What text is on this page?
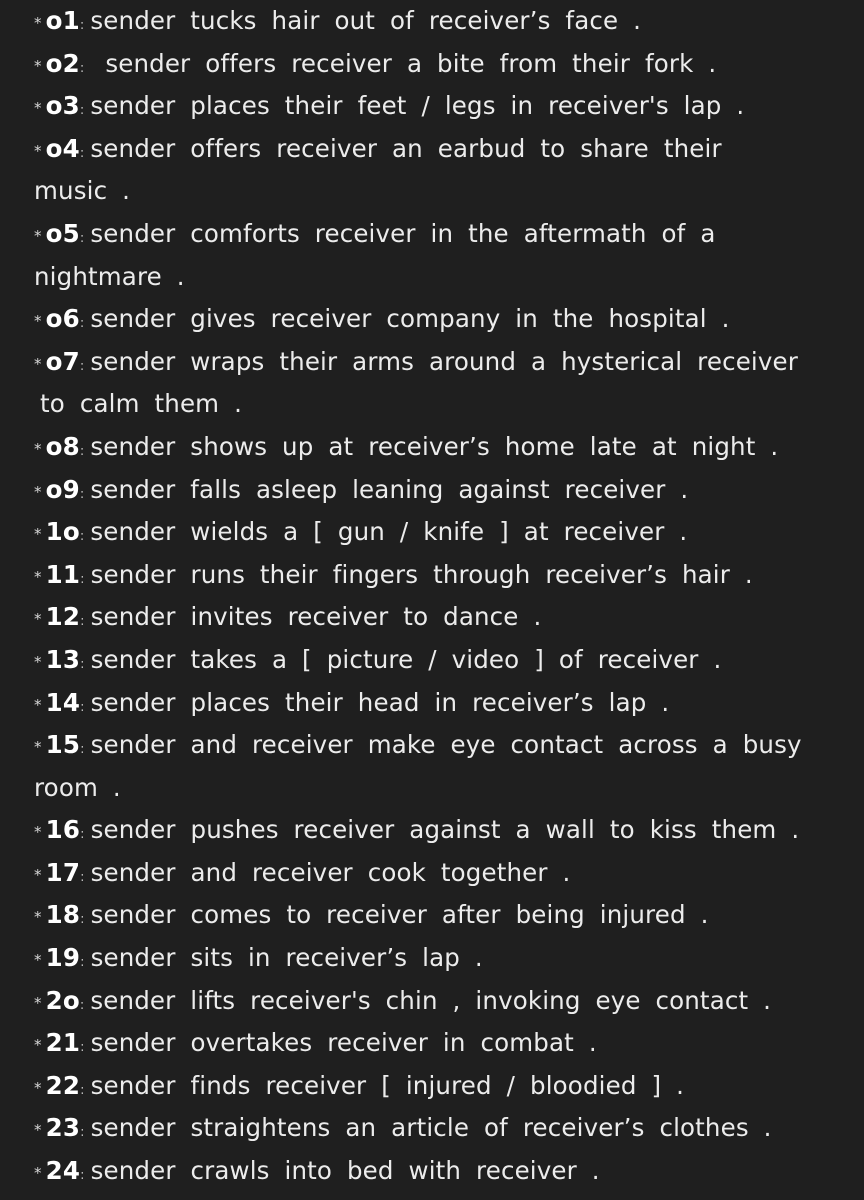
* o1: sender tucks hair out of receiver’s face .
* o2: sender offers receiver a bite from their fork .
* o3: sender places their feet / legs in receiver's lap .
* o4: sender offers receiver an earbud to share their
music .
* o5: sender comforts receiver in the aftermath of a
nightmare .
* o6: sender gives receiver company in the hospital .
* o7: sender wraps their arms around a hysterical receiver
to calm them .
* o8: sender shows up at receiver’s home late at night .
* o9: sender falls asleep leaning against receiver .
* 1o: sender wields a [ gun / knife ] at receiver .
* 11: sender runs their fingers through receiver’s hair .
* 12: sender invites receiver to dance .
* 13: sender takes a [ picture / video ] of receiver .
* 14: sender places their head in receiver’s lap .
* 15: sender and receiver make eye contact across a busy
room .
* 16: sender pushes receiver against a wall to kiss them .
* 17: sender and receiver cook together .
* 18: sender comes to receiver after being injured .
* 19: sender sits in receiver’s lap .
* 2o: sender lifts receiver's chin , invoking eye contact .
* 21: sender overtakes receiver in combat .
* 22: sender finds receiver [ injured / bloodied ] .
* 23: sender straightens an article of receiver’s clothes .
* 24: sender crawls into bed with receiver .
